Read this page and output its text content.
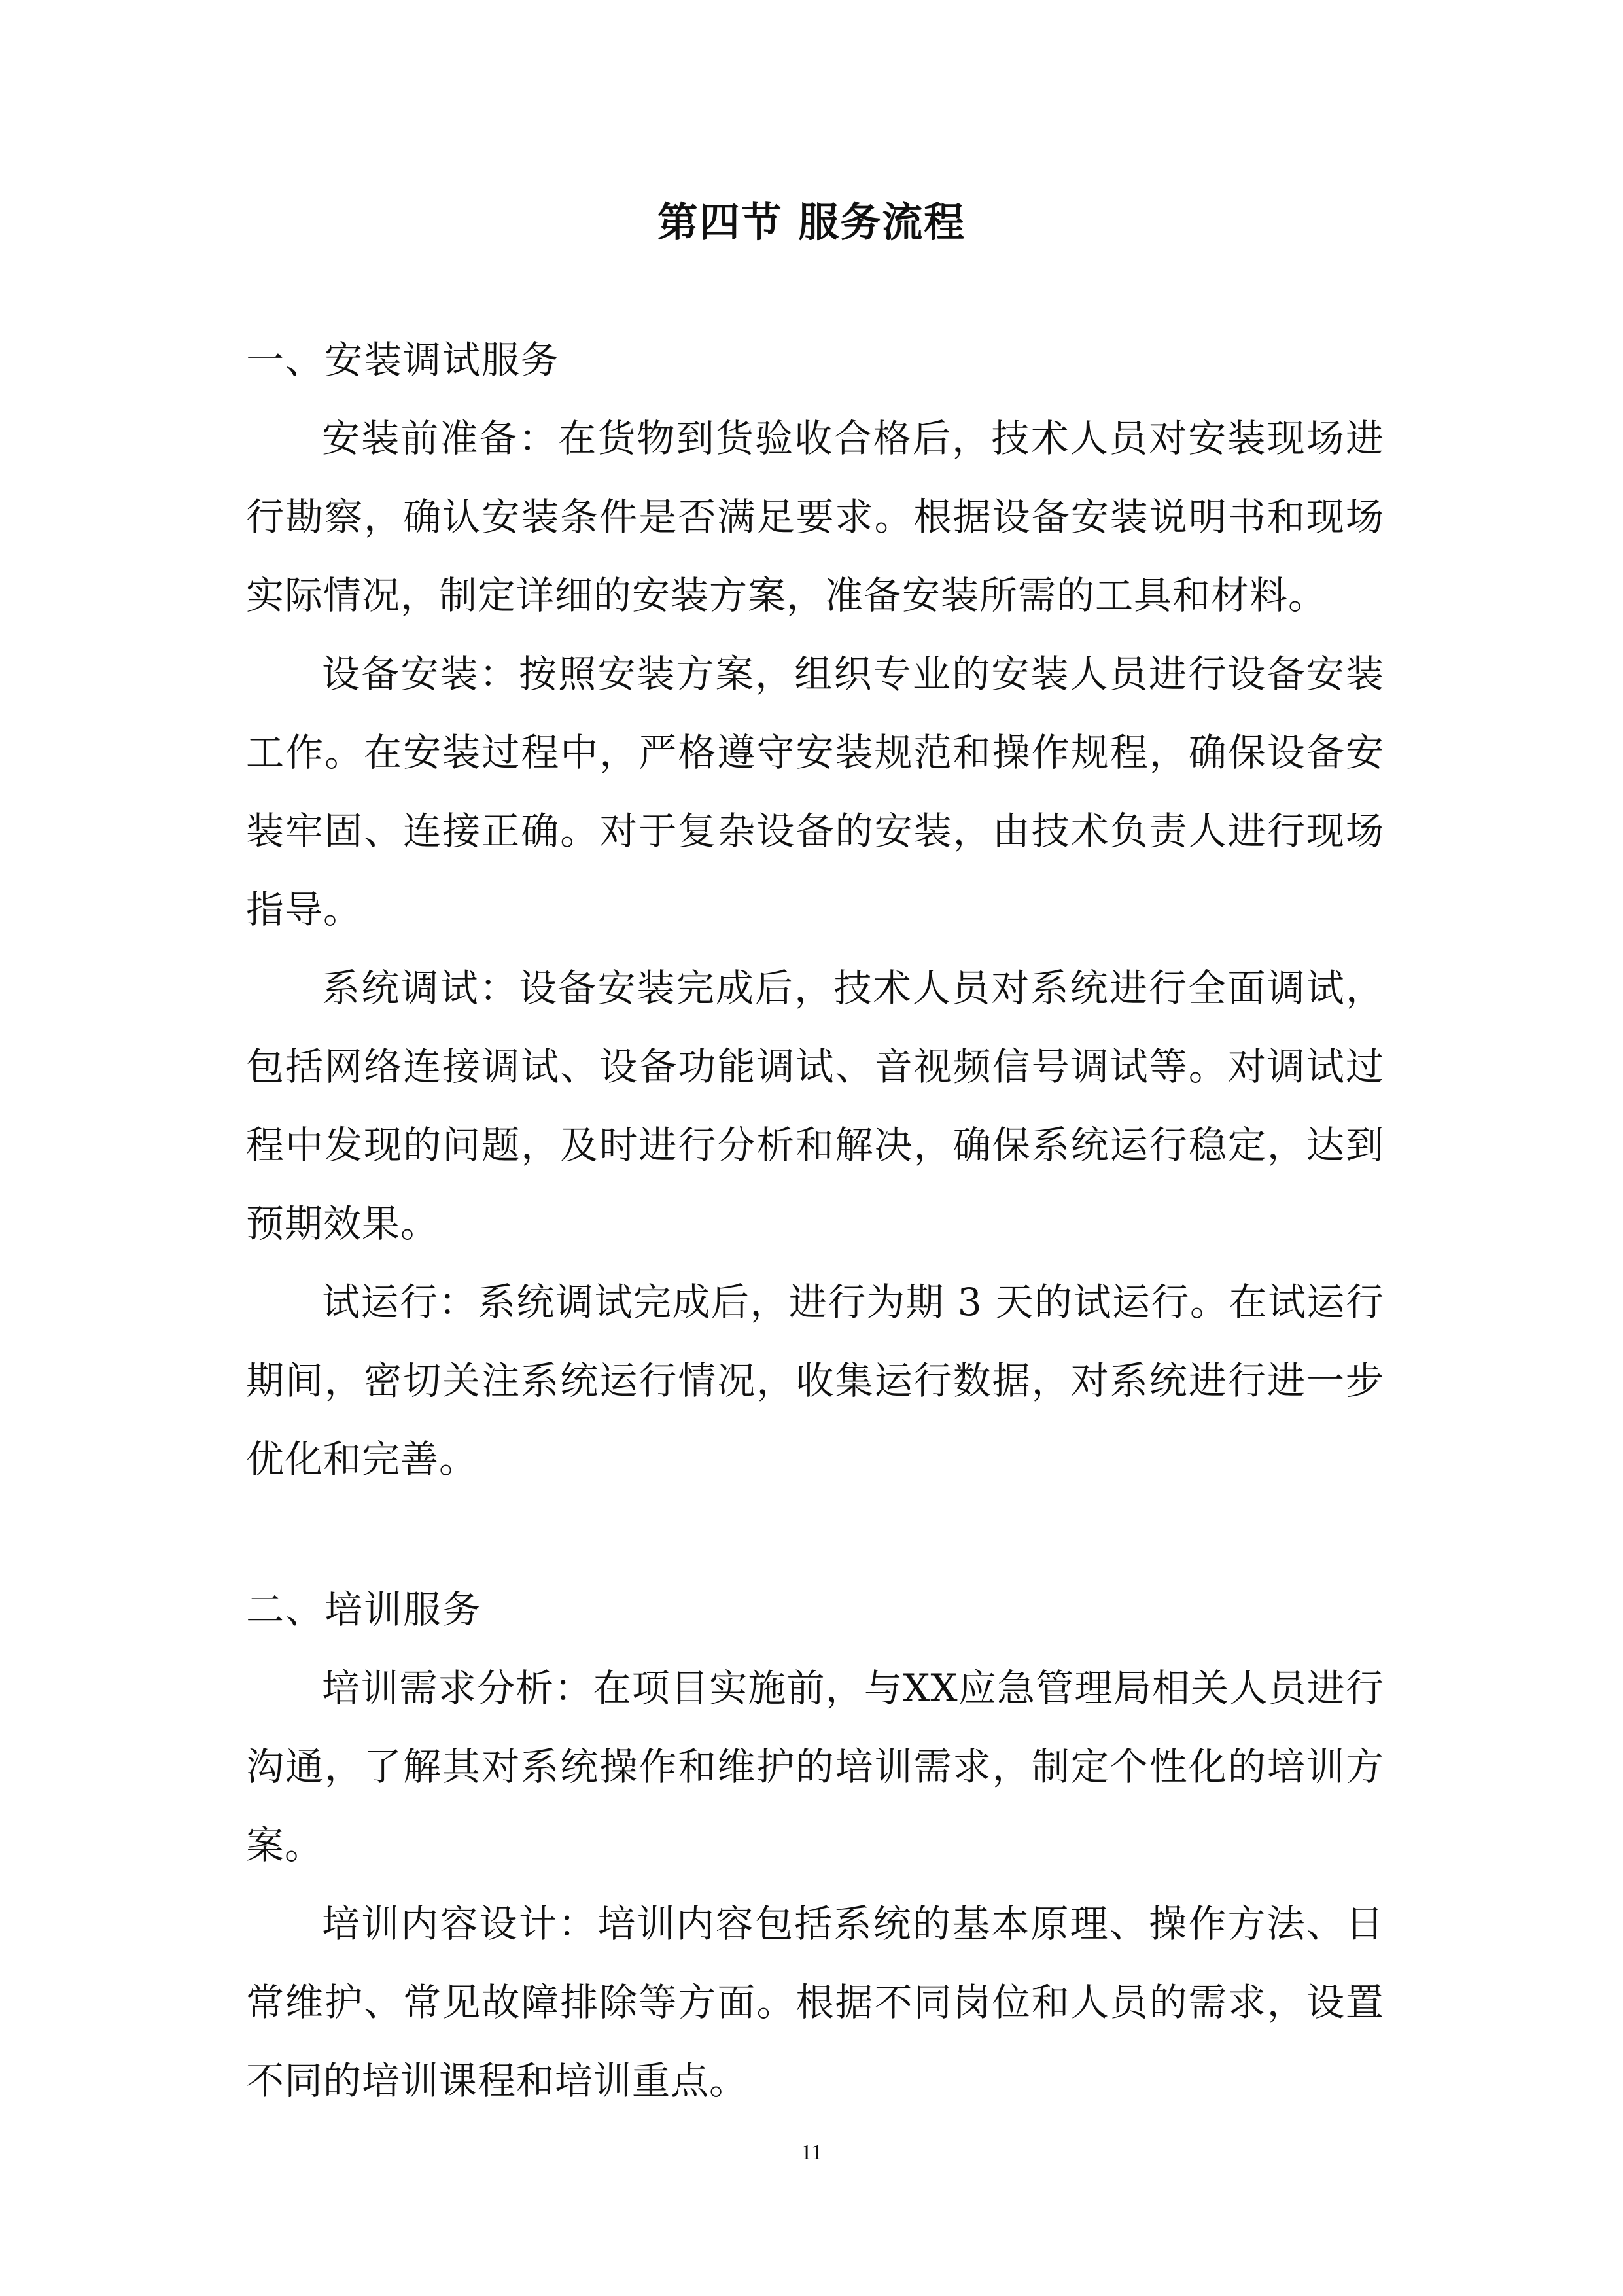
第四节 服务流程

一、安装调试服务

安装前准备：在货物到货验收合格后，技术人员对安装现场进行勘察，确认安装条件是否满足要求。根据设备安装说明书和现场实际情况，制定详细的安装方案，准备安装所需的工具和材料。

设备安装：按照安装方案，组织专业的安装人员进行设备安装工作。在安装过程中，严格遵守安装规范和操作规程，确保设备安装牢固、连接正确。对于复杂设备的安装，由技术负责人进行现场指导。

系统调试：设备安装完成后，技术人员对系统进行全面调试，包括网络连接调试、设备功能调试、音视频信号调试等。对调试过程中发现的问题，及时进行分析和解决，确保系统运行稳定，达到预期效果。

试运行：系统调试完成后，进行为期 3 天的试运行。在试运行期间，密切关注系统运行情况，收集运行数据，对系统进行进一步优化和完善。

二、培训服务

培训需求分析：在项目实施前，与XX应急管理局相关人员进行沟通，了解其对系统操作和维护的培训需求，制定个性化的培训方案。

培训内容设计：培训内容包括系统的基本原理、操作方法、日常维护、常见故障排除等方面。根据不同岗位和人员的需求，设置不同的培训课程和培训重点。

11
